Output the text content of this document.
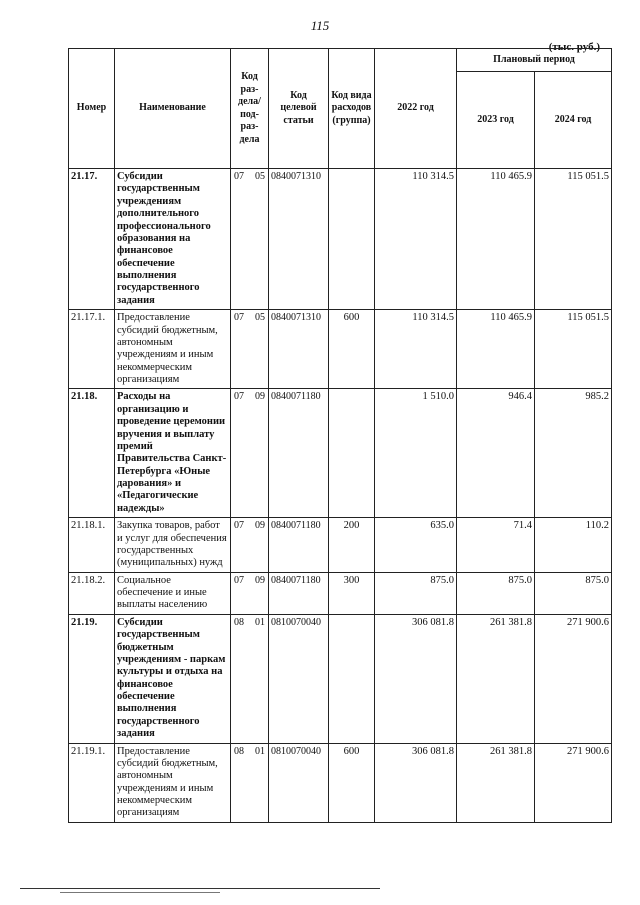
115
(тыс. руб.)
Номер	Наименование	Код раз-дела/ под-раз-дела	Код целевой статьи	Код вида расходов (группа)	2022 год	Плановый период	
						2023 год	2024 год
21.17.	Субсидии государственным учреждениям дополнительного профессионального образования на финансовое обеспечение выполнения государственного задания	07 05	0840071310		110 314.5	110 465.9	115 051.5
21.17.1.	Предоставление субсидий бюджетным, автономным учреждениям и иным некоммерческим организациям	07 05	0840071310	600	110 314.5	110 465.9	115 051.5
21.18.	Расходы на организацию и проведение церемонии вручения и выплату премий Правительства Санкт-Петербурга «Юные дарования» и «Педагогические надежды»	07 09	0840071180		1 510.0	946.4	985.2
21.18.1.	Закупка товаров, работ и услуг для обеспечения государственных (муниципальных) нужд	07 09	0840071180	200	635.0	71.4	110.2
21.18.2.	Социальное обеспечение и иные выплаты населению	07 09	0840071180	300	875.0	875.0	875.0
21.19.	Субсидии государственным бюджетным учреждениям - паркам культуры и отдыха на финансовое обеспечение выполнения государственного задания	08 01	0810070040		306 081.8	261 381.8	271 900.6
21.19.1.	Предоставление субсидий бюджетным, автономным учреждениям и иным некоммерческим организациям	08 01	0810070040	600	306 081.8	261 381.8	271 900.6
